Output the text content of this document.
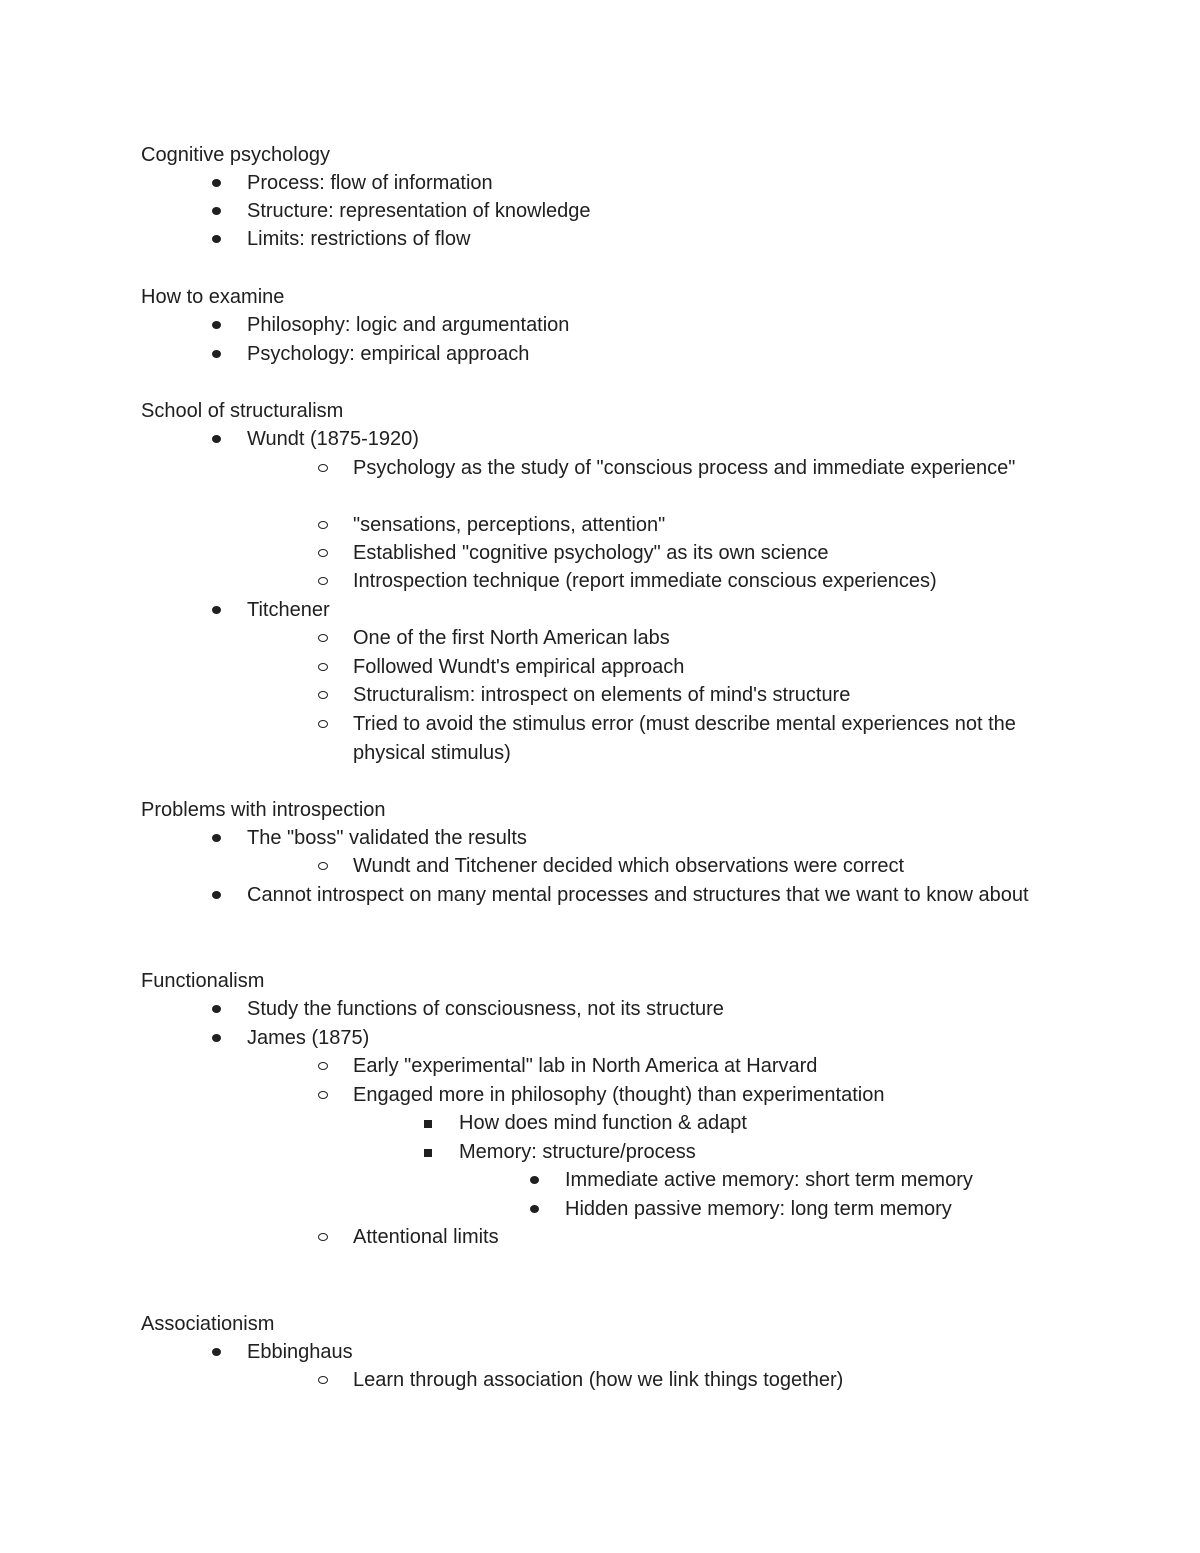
Cognitive psychology
Process: flow of information
Structure: representation of knowledge
Limits: restrictions of flow
How to examine
Philosophy: logic and argumentation
Psychology: empirical approach
School of structuralism
Wundt (1875-1920)
Psychology as the study of "conscious process and immediate experience"
"sensations, perceptions, attention"
Established "cognitive psychology" as its own science
Introspection technique (report immediate conscious experiences)
Titchener
One of the first North American labs
Followed Wundt's empirical approach
Structuralism: introspect on elements of mind's structure
Tried to avoid the stimulus error (must describe mental experiences not the physical stimulus)
Problems with introspection
The "boss" validated the results
Wundt and Titchener decided which observations were correct
Cannot introspect on many mental processes and structures that we want to know about
Functionalism
Study the functions of consciousness, not its structure
James (1875)
Early "experimental" lab in North America at Harvard
Engaged more in philosophy (thought) than experimentation
How does mind function & adapt
Memory: structure/process
Immediate active memory: short term memory
Hidden passive memory: long term memory
Attentional limits
Associationism
Ebbinghaus
Learn through association (how we link things together)
